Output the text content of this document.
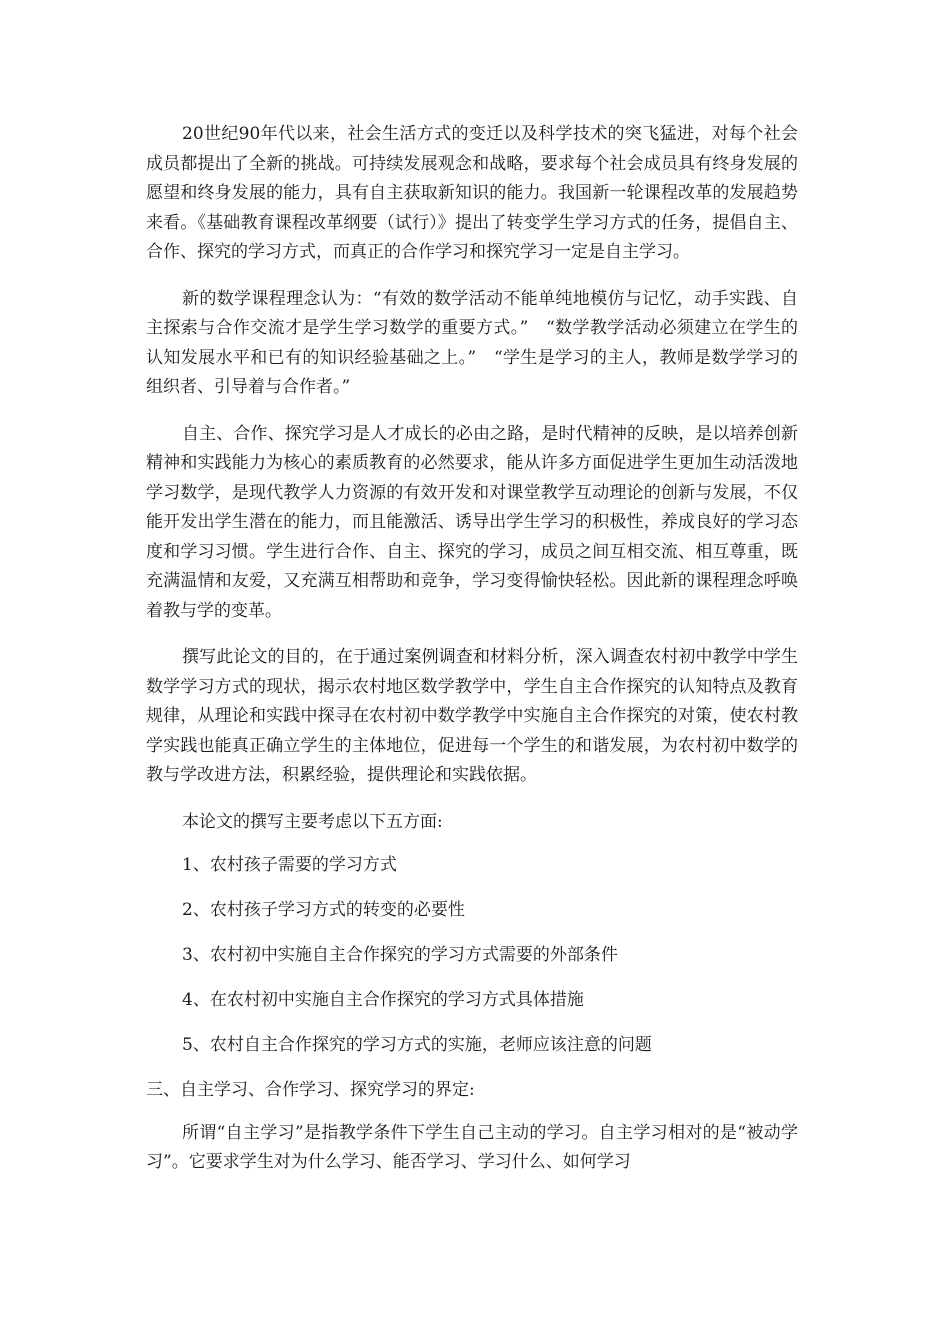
20世纪90年代以来，社会生活方式的变迁以及科学技术的突飞猛进，对每个社会成员都提出了全新的挑战。可持续发展观念和战略，要求每个社会成员具有终身发展的愿望和终身发展的能力，具有自主获取新知识的能力。我国新一轮课程改革的发展趋势来看。《基础教育课程改革纲要（试行）》提出了转变学生学习方式的任务，提倡自主、合作、探究的学习方式，而真正的合作学习和探究学习一定是自主学习。

新的数学课程理念认为：“有效的数学活动不能单纯地模仿与记忆，动手实践、自主探索与合作交流才是学生学习数学的重要方式。”　“数学教学活动必须建立在学生的认知发展水平和已有的知识经验基础之上。”　“学生是学习的主人，教师是数学学习的组织者、引导着与合作者。”

自主、合作、探究学习是人才成长的必由之路，是时代精神的反映，是以培养创新精神和实践能力为核心的素质教育的必然要求，能从许多方面促进学生更加生动活泼地学习数学，是现代教学人力资源的有效开发和对课堂教学互动理论的创新与发展，不仅能开发出学生潜在的能力，而且能激活、诱导出学生学习的积极性，养成良好的学习态度和学习习惯。学生进行合作、自主、探究的学习，成员之间互相交流、相互尊重，既充满温情和友爱，又充满互相帮助和竞争，学习变得愉快轻松。因此新的课程理念呼唤着教与学的变革。

撰写此论文的目的，在于通过案例调查和材料分析，深入调查农村初中教学中学生数学学习方式的现状，揭示农村地区数学教学中，学生自主合作探究的认知特点及教育规律，从理论和实践中探寻在农村初中数学教学中实施自主合作探究的对策，使农村教学实践也能真正确立学生的主体地位，促进每一个学生的和谐发展，为农村初中数学的教与学改进方法，积累经验，提供理论和实践依据。

本论文的撰写主要考虑以下五方面:

1、农村孩子需要的学习方式

2、农村孩子学习方式的转变的必要性

3、农村初中实施自主合作探究的学习方式需要的外部条件

4、在农村初中实施自主合作探究的学习方式具体措施

5、农村自主合作探究的学习方式的实施，老师应该注意的问题

三、自主学习、合作学习、探究学习的界定:

所谓“自主学习”是指教学条件下学生自己主动的学习。自主学习相对的是“被动学习”。它要求学生对为什么学习、能否学习、学习什么、如何学习
